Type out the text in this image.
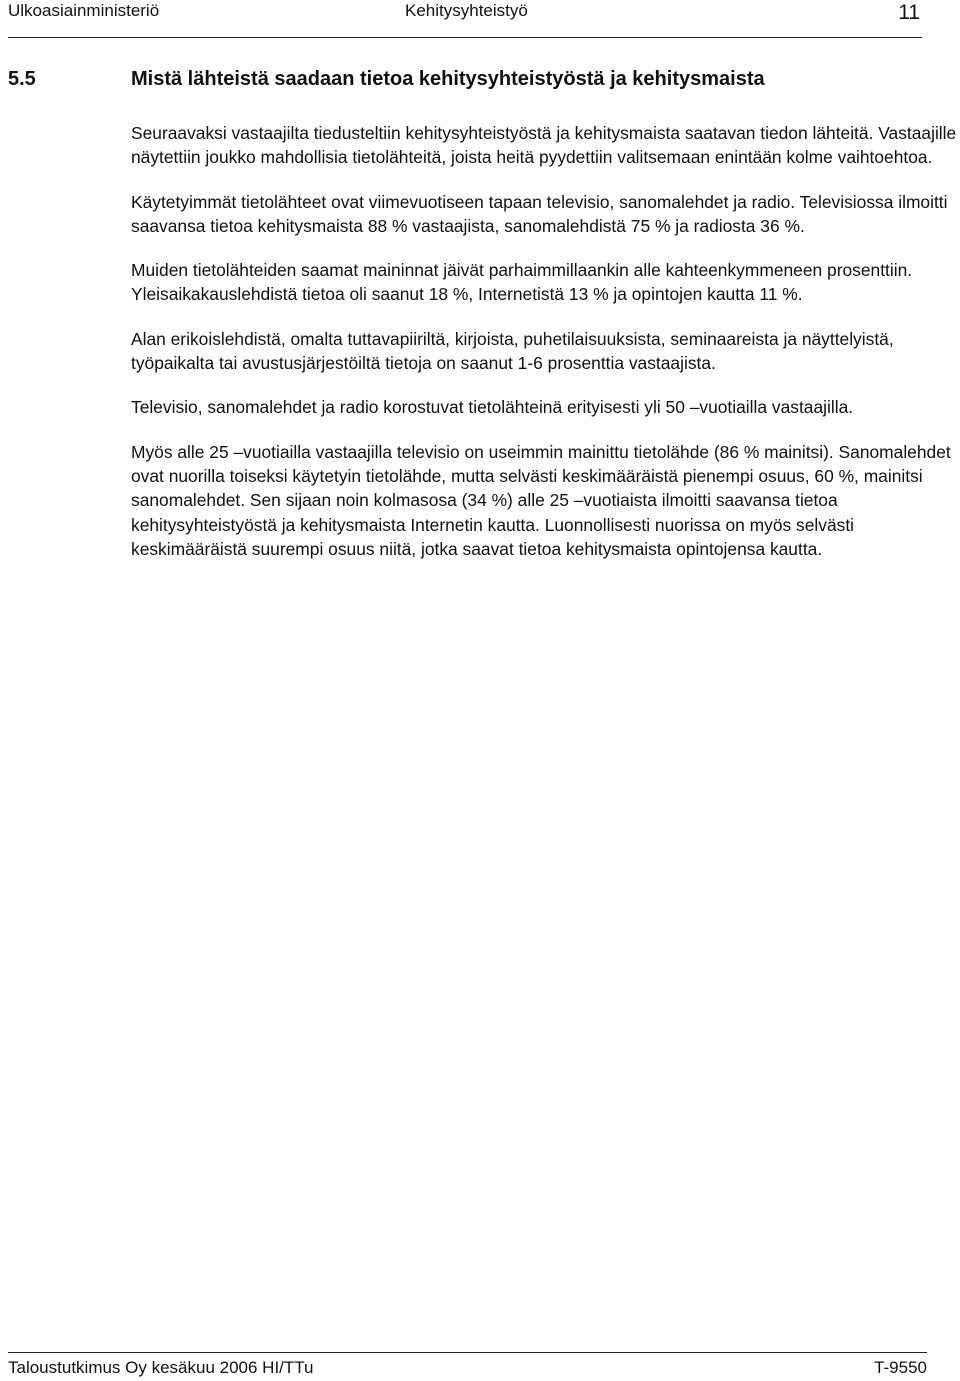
Ulkoasiainministeriö	Kehitysyhteistyö	11
5.5	Mistä lähteistä saadaan tietoa kehitysyhteistyöstä ja kehitysmaista

Seuraavaksi vastaajilta tiedusteltiin kehitysyhteistyöstä ja kehitysmaista saatavan tiedon lähteitä. Vastaajille näytettiin joukko mahdollisia tietolähteitä, joista heitä pyydettiin valitsemaan enintään kolme vaihtoehtoa.

Käytetyimmät tietolähteet ovat viimevuotiseen tapaan televisio, sanomalehdet ja radio. Televisiossa ilmoitti saavansa tietoa kehitysmaista 88 % vastaajista, sanomalehdistä 75 % ja radiosta 36 %.

Muiden tietolähteiden saamat maininnat jäivät parhaimmillaankin alle kahteenkymmeneen prosenttiin. Yleisaikakauslehdistä tietoa oli saanut 18 %, Internetistä 13 % ja opintojen kautta 11 %.

Alan erikoislehdistä, omalta tuttavapiiriltä, kirjoista, puhetilaisuuksista, seminaareista ja näyttelyistä, työpaikalta tai avustusjärjestöiltä tietoja on saanut 1-6 prosenttia vastaajista.

Televisio, sanomalehdet ja radio korostuvat tietolähteinä erityisesti yli 50 –vuotiailla vastaajilla.

Myös alle 25 –vuotiailla vastaajilla televisio on useimmin mainittu tietolähde (86 % mainitsi). Sanomalehdet ovat nuorilla toiseksi käytetyin tietolähde, mutta selvästi keskimääräistä pienempi osuus, 60 %, mainitsi sanomalehdet. Sen sijaan noin kolmasosa (34 %) alle 25 –vuotiaista ilmoitti saavansa tietoa kehitysyhteistyöstä ja kehitysmaista Internetin kautta. Luonnollisesti nuorissa on myös selvästi keskimääräistä suurempi osuus niitä, jotka saavat tietoa kehitysmaista opintojensa kautta.

Taloustutkimus Oy kesäkuu 2006 HI/TTu	T-9550
